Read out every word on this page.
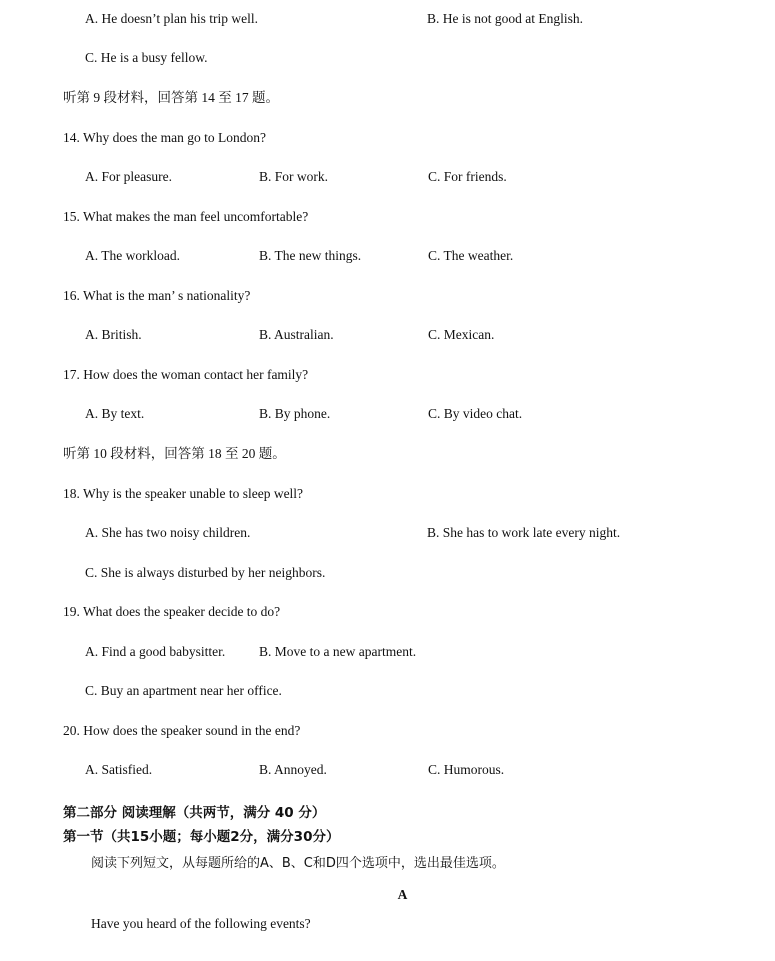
A. He doesn’t plan his trip well.	B. He is not good at English.
C. He is a busy fellow.
听第 9 段材料，回答第 14 至 17 题。
14. Why does the man go to London?
A. For pleasure.	B. For work.	C. For friends.
15. What makes the man feel uncomfortable?
A. The workload.	B. The new things.	C. The weather.
16. What is the man’ s nationality?
A. British.	B. Australian.	C. Mexican.
17. How does the woman contact her family?
A. By text.	B. By phone.	C. By video chat.
听第 10 段材料，回答第 18 至 20 题。
18. Why is the speaker unable to sleep well?
A. She has two noisy children.	B. She has to work late every night.
C. She is always disturbed by her neighbors.
19. What does the speaker decide to do?
A. Find a good babysitter.	B. Move to a new apartment.
C. Buy an apartment near her office.
20. How does the speaker sound in the end?
A. Satisfied.	B. Annoyed.	C. Humorous.
第二部分 阅读理解（共两节，满分 40 分）
第一节（共15小题；每小题2分，满分30分）
阅读下列短文，从每题所给的A、B、C和D四个选项中，选出最佳选项。
A
Have you heard of the following events?
